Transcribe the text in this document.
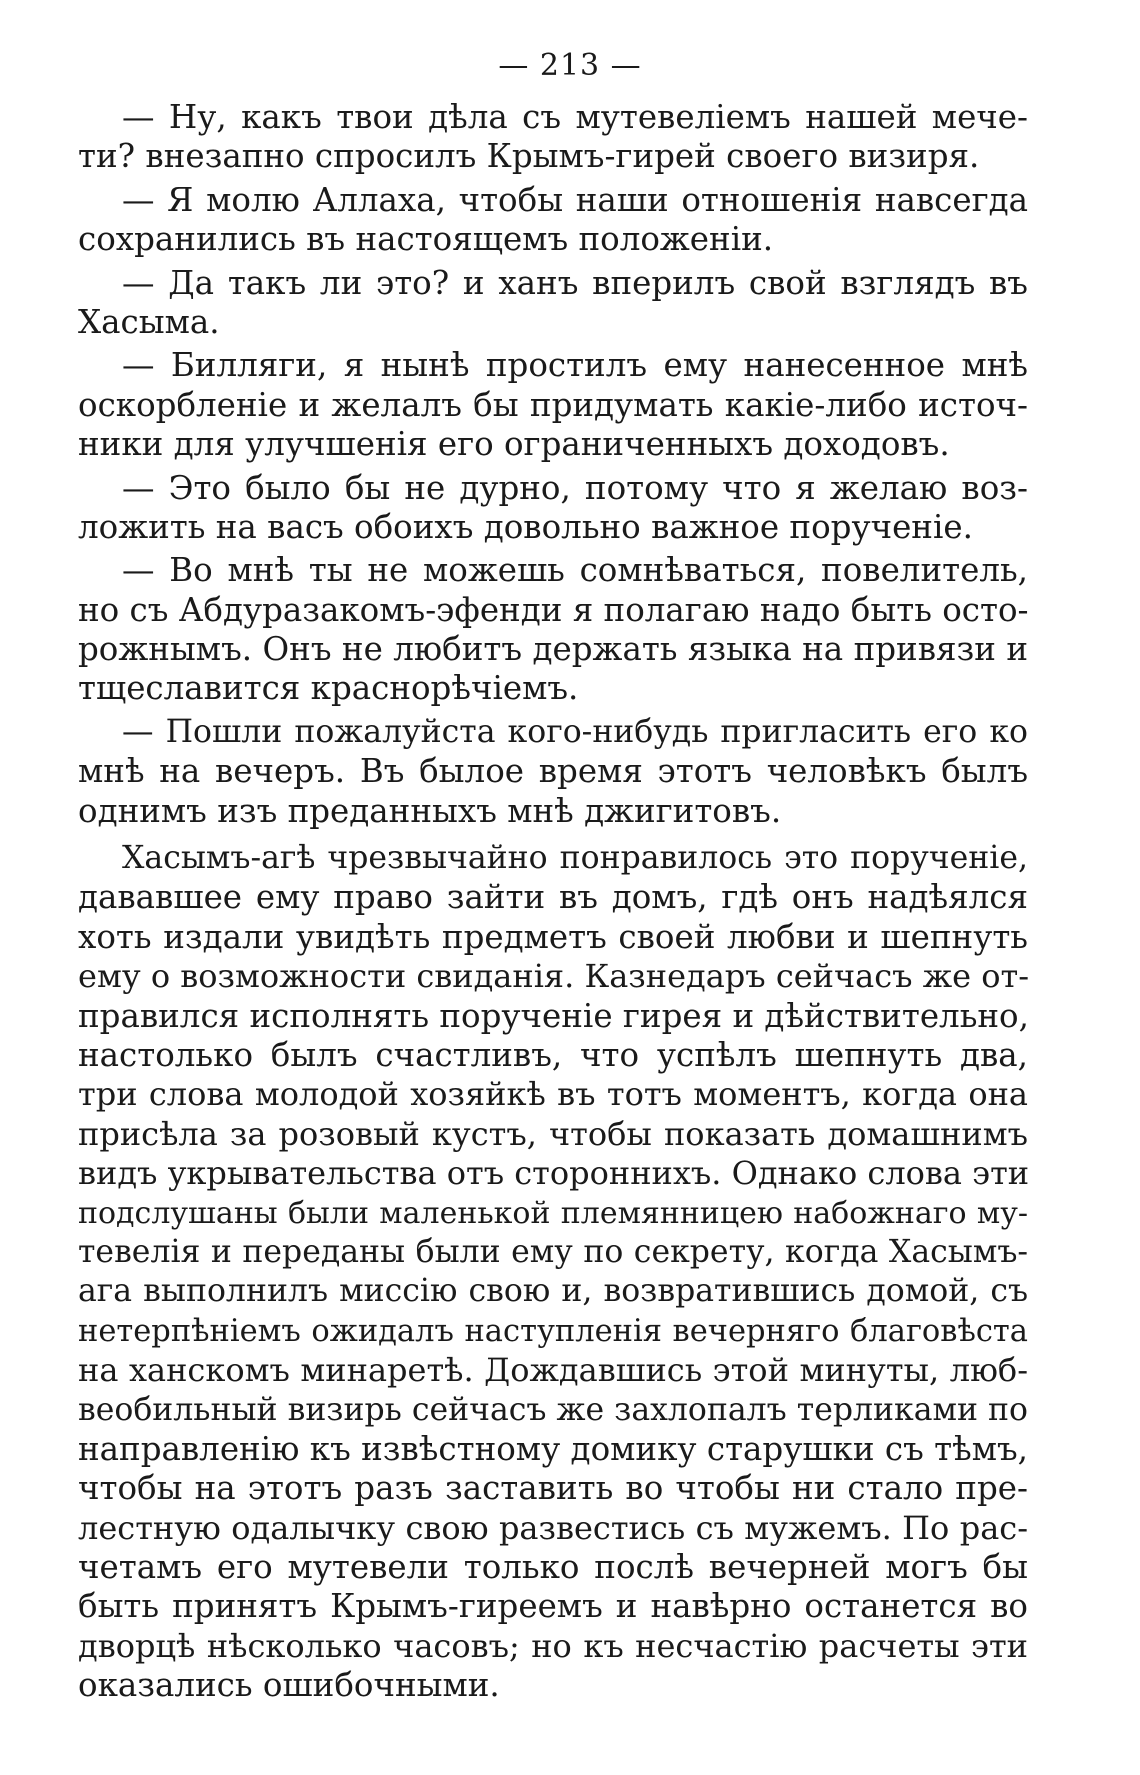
— 213 —
— Ну, какъ твои дѣла съ мутевеліемъ нашей мече-
ти? внезапно спросилъ Крымъ-гирей своего визиря.
— Я молю Аллаха, чтобы наши отношенія навсегда
сохранились въ настоящемъ положеніи.
— Да такъ ли это? и ханъ вперилъ свой взглядъ въ
Хасыма.
— Билляги, я нынѣ простилъ ему нанесенное мнѣ
оскорбленіе и желалъ бы придумать какіе-либо источ-
ники для улучшенія его ограниченныхъ доходовъ.
— Это было бы не дурно, потому что я желаю воз-
ложить на васъ обоихъ довольно важное порученіе.
— Во мнѣ ты не можешь сомнѣваться, повелитель,
но съ Абдуразакомъ-эфенди я полагаю надо быть осто-
рожнымъ. Онъ не любитъ держать языка на привязи и
тщеславится краснорѣчіемъ.
— Пошли пожалуйста кого-нибудь пригласить его ко
мнѣ на вечеръ. Въ былое время этотъ человѣкъ былъ
однимъ изъ преданныхъ мнѣ джигитовъ.
Хасымъ-агѣ чрезвычайно понравилось это порученіе,
дававшее ему право зайти въ домъ, гдѣ онъ надѣялся
хоть издали увидѣть предметъ своей любви и шепнуть
ему о возможности свиданія. Казнедаръ сейчасъ же от-
правился исполнять порученіе гирея и дѣйствительно,
настолько былъ счастливъ, что успѣлъ шепнуть два,
три слова молодой хозяйкѣ въ тотъ моментъ, когда она
присѣла за розовый кустъ, чтобы показать домашнимъ
видъ укрывательства отъ стороннихъ. Однако слова эти
подслушаны были маленькой племянницею набожнаго му-
тевелія и переданы были ему по секрету, когда Хасымъ-
ага выполнилъ миссію свою и, возвратившись домой, съ
нетерпѣніемъ ожидалъ наступленія вечерняго благовѣста
на ханскомъ минаретѣ. Дождавшись этой минуты, люб-
веобильный визирь сейчасъ же захлопалъ терликами по
направленію къ извѣстному домику старушки съ тѣмъ,
чтобы на этотъ разъ заставить во чтобы ни стало пре-
лестную одалычку свою развестись съ мужемъ. По рас-
четамъ его мутевели только послѣ вечерней могъ бы
быть принятъ Крымъ-гиреемъ и навѣрно останется во
дворцѣ нѣсколько часовъ; но къ несчастію расчеты эти
оказались ошибочными.
